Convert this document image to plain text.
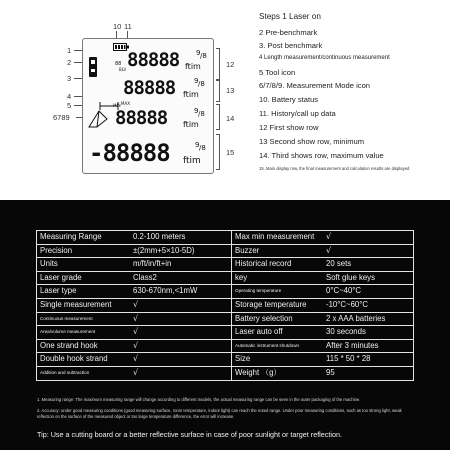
10 11
1
2
3
4
5
6789
12
13
14
15
88888 9 /8
ftim
88
BLV
88888	9 /8
ftim
MAX
88888	9 /8
ftim
MIN
-88888	9 /8
ftim
Steps 1 Laser on
2 Pre-benchmark
3. Post benchmark
4 Length measurement/continuous measurement
5 Tool icon
6/7/8/9. Measurement Mode icon
10. Battery status
11. History/call up data
12 First show row
13 Second show row, minimum
14. Third shows row, maximum value
15. Main display row, the final measurement and calculation results are displayed
Measuring Range	0.2-100 meters	Max min measurement	√
Precision	±(2mm+5×10-5D)	Buzzer	√
Units	m/ft/in/ft+in	Historical record	20 sets
Laser grade	Class2	key	Soft glue keys
Laser type	630-670nm,<1mW	Operating temperature	0°C~40°C
Single measurement	√	Storage temperature	-10°C~60°C
Continuous measurement	√	Battery selection	2 x AAA batteries
Area/volume measurement	√	Laser auto off	30 seconds
One strand hook	√	Automatic instrument shutdown	After 3 minutes
Double hook strand	√	Size	115 * 50 * 28
Addition and subtraction	√	Weight （g）	95
1. Measuring range: The maximum measuring range will change according to different models, the actual measuring range can be seen in the outer packaging of the machine.
2. Accuracy: under good measuring conditions (good measuring surface, room temperature, indoor light) can reach the noted range. Under poor measuring conditions, such as too strong light, weak reflection on the surface of the measured object or too large temperature difference, the error will increase.
Tip: Use a cutting board or a better reflective surface in case of poor sunlight or target reflection.
